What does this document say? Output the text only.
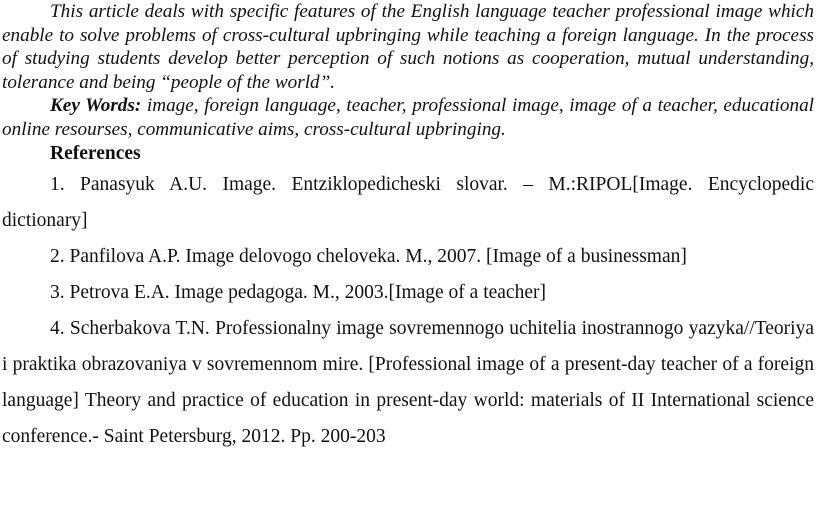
This article deals with specific features of the English language teacher professional image which enable to solve problems of cross-cultural upbringing while teaching a foreign language. In the process of studying students develop better perception of such notions as cooperation, mutual understanding, tolerance and being “people of the world”.

Key Words: image, foreign language, teacher, professional image, image of a teacher, educational online resourses, communicative aims, cross-cultural upbringing.

References

1. Panasyuk A.U. Image. Entziklopedicheski slovar. – M.:RIPOL[Image. Encyclopedic dictionary]

2. Panfilova A.P. Image delovogo cheloveka. M., 2007. [Image of a businessman]

3. Petrova E.A. Image pedagoga. M., 2003.[Image of a teacher]

4. Scherbakova T.N. Professionalny image sovremennogo uchitelia inostrannogo yazyka//Teoriya i praktika obrazovaniya v sovremennom mire. [Professional image of a present-day teacher of a foreign language] Theory and practice of education in present-day world: materials of II International science conference.- Saint Petersburg, 2012. Pp. 200-203
